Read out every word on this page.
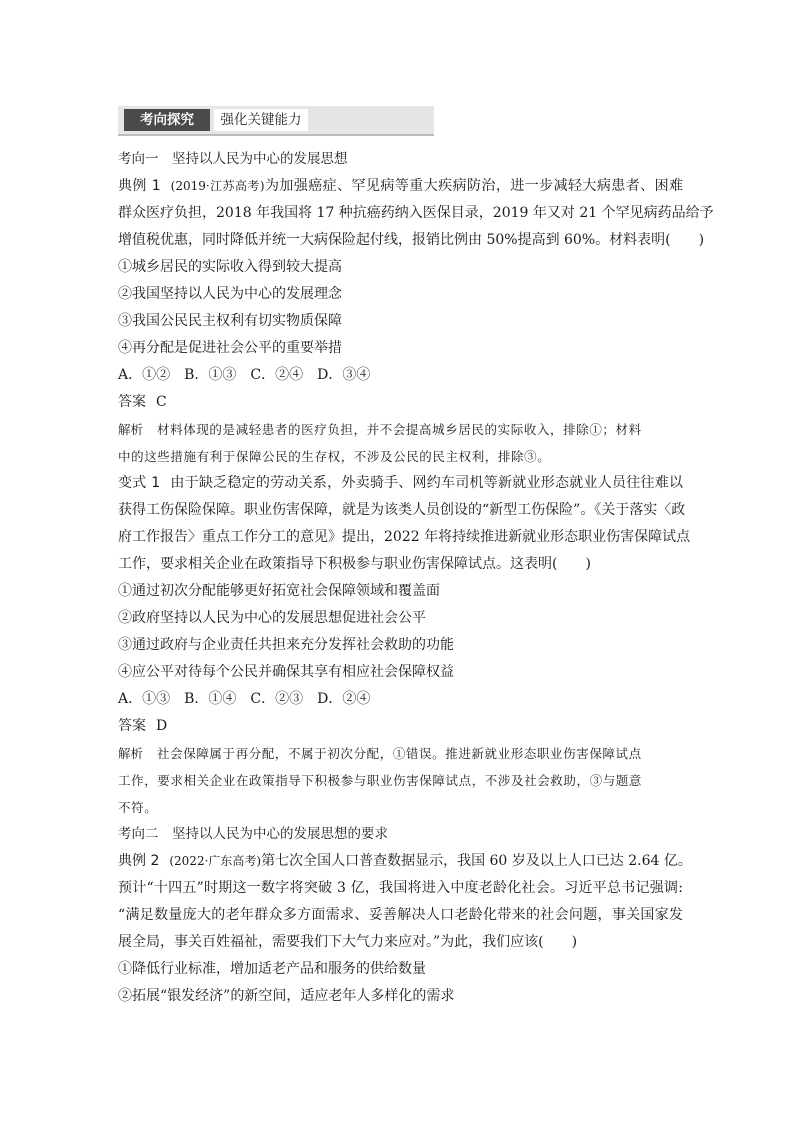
考向探究	强化关键能力
考向一　坚持以人民为中心的发展思想
典例 1 (2019·江苏高考)为加强癌症、罕见病等重大疾病防治，进一步减轻大病患者、困难
群众医疗负担，2018 年我国将 17 种抗癌药纳入医保目录，2019 年又对 21 个罕见病药品给予
增值税优惠，同时降低并统一大病保险起付线，报销比例由 50%提高到 60%。材料表明(　　)
①城乡居民的实际收入得到较大提高
②我国坚持以人民为中心的发展理念
③我国公民民主权利有切实物质保障
④再分配是促进社会公平的重要举措
A．①②　B．①③　C．②④　D．③④
答案 C
解析 材料体现的是减轻患者的医疗负担，并不会提高城乡居民的实际收入，排除①；材料
中的这些措施有利于保障公民的生存权，不涉及公民的民主权利，排除③。
变式 1 由于缺乏稳定的劳动关系，外卖骑手、网约车司机等新就业形态就业人员往往难以
获得工伤保险保障。职业伤害保障，就是为该类人员创设的“新型工伤保险”。《关于落实〈政
府工作报告〉重点工作分工的意见》提出，2022 年将持续推进新就业形态职业伤害保障试点
工作，要求相关企业在政策指导下积极参与职业伤害保障试点。这表明(　　)
①通过初次分配能够更好拓宽社会保障领域和覆盖面
②政府坚持以人民为中心的发展思想促进社会公平
③通过政府与企业责任共担来充分发挥社会救助的功能
④应公平对待每个公民并确保其享有相应社会保障权益
A．①③　B．①④　C．②③　D．②④
答案 D
解析 社会保障属于再分配，不属于初次分配，①错误。推进新就业形态职业伤害保障试点
工作，要求相关企业在政策指导下积极参与职业伤害保障试点，不涉及社会救助，③与题意
不符。
考向二　坚持以人民为中心的发展思想的要求
典例 2 (2022·广东高考)第七次全国人口普查数据显示，我国 60 岁及以上人口已达 2.64 亿。
预计“十四五”时期这一数字将突破 3 亿，我国将进入中度老龄化社会。习近平总书记强调:
“满足数量庞大的老年群众多方面需求、妥善解决人口老龄化带来的社会问题，事关国家发
展全局，事关百姓福祉，需要我们下大气力来应对。”为此，我们应该(　　)
①降低行业标准，增加适老产品和服务的供给数量
②拓展“银发经济”的新空间，适应老年人多样化的需求
